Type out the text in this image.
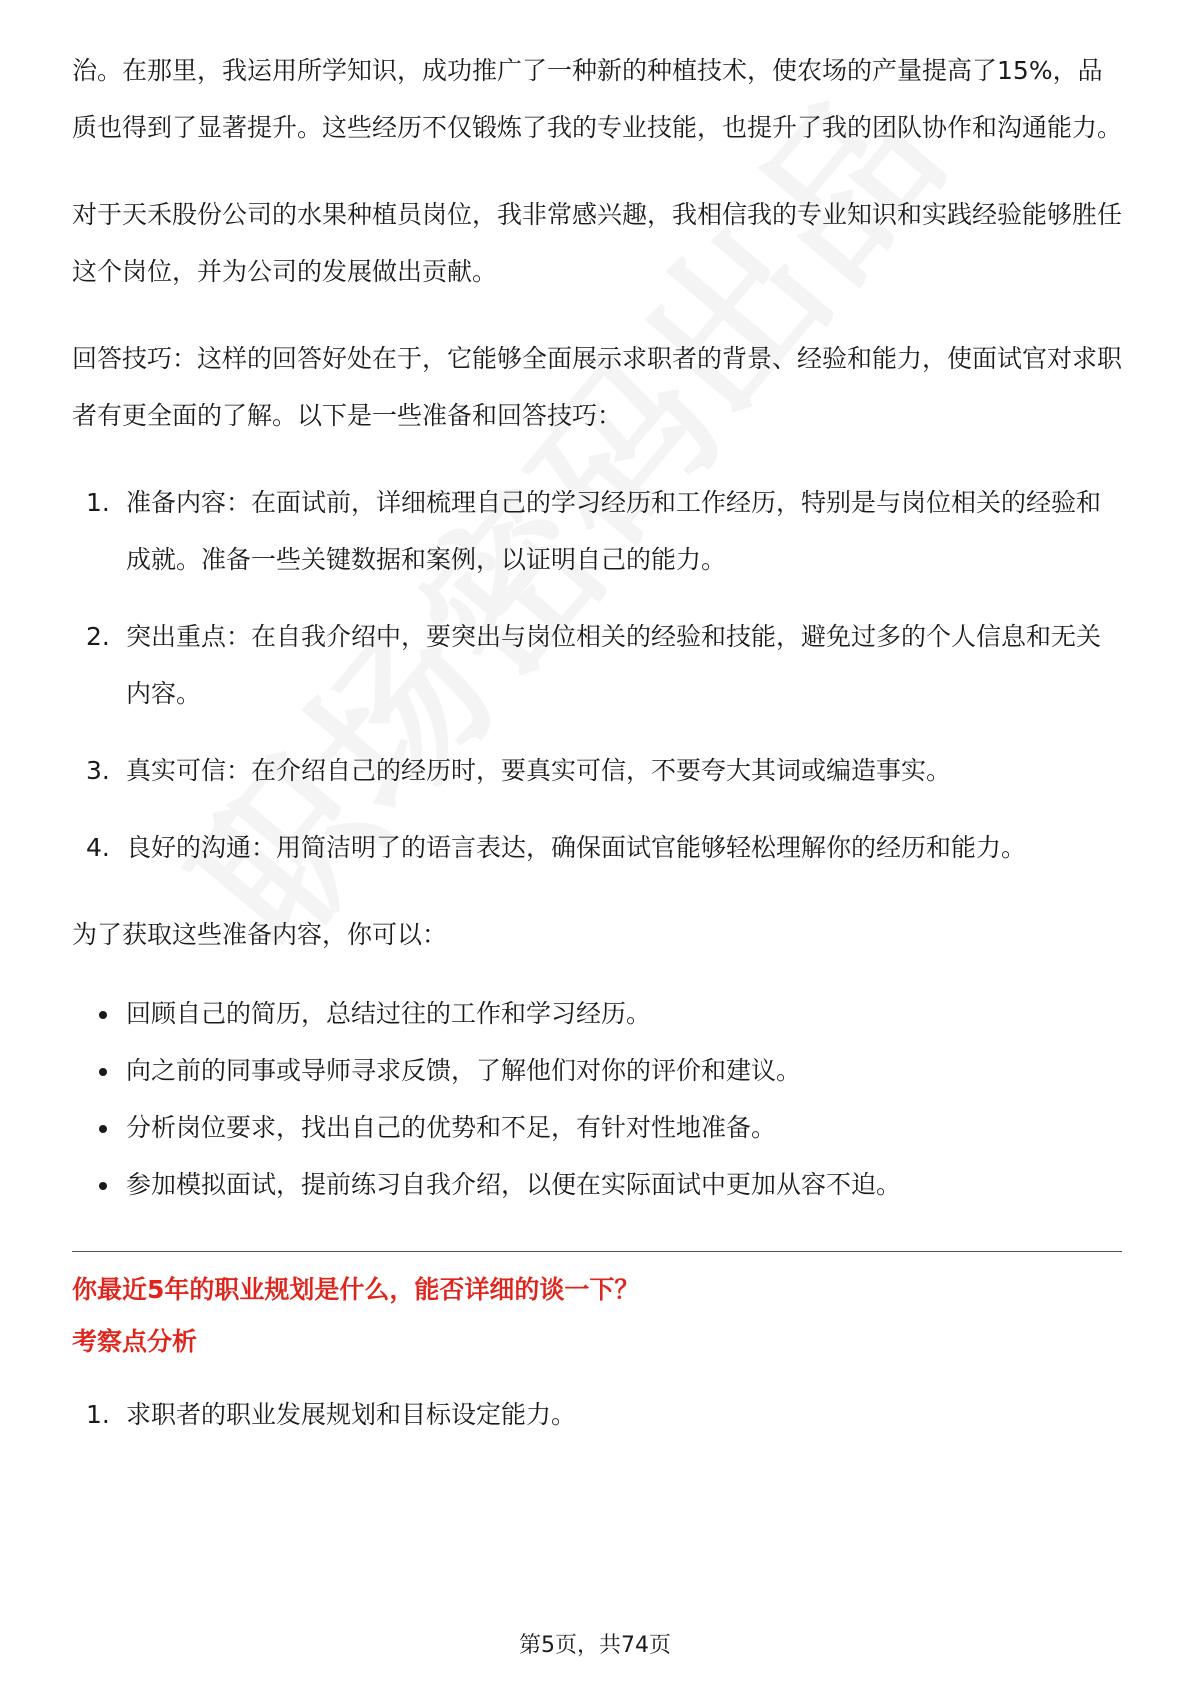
治。在那里，我运用所学知识，成功推广了一种新的种植技术，使农场的产量提高了15%，品质也得到了显著提升。这些经历不仅锻炼了我的专业技能，也提升了我的团队协作和沟通能力。

对于天禾股份公司的水果种植员岗位，我非常感兴趣，我相信我的专业知识和实践经验能够胜任这个岗位，并为公司的发展做出贡献。

回答技巧：这样的回答好处在于，它能够全面展示求职者的背景、经验和能力，使面试官对求职者有更全面的了解。以下是一些准备和回答技巧：

1. 准备内容：在面试前，详细梳理自己的学习经历和工作经历，特别是与岗位相关的经验和成就。准备一些关键数据和案例，以证明自己的能力。
2. 突出重点：在自我介绍中，要突出与岗位相关的经验和技能，避免过多的个人信息和无关内容。
3. 真实可信：在介绍自己的经历时，要真实可信，不要夸大其词或编造事实。
4. 良好的沟通：用简洁明了的语言表达，确保面试官能够轻松理解你的经历和能力。

为了获取这些准备内容，你可以：

回顾自己的简历，总结过往的工作和学习经历。
向之前的同事或导师寻求反馈，了解他们对你的评价和建议。
分析岗位要求，找出自己的优势和不足，有针对性地准备。
参加模拟面试，提前练习自我介绍，以便在实际面试中更加从容不迫。

你最近5年的职业规划是什么，能否详细的谈一下？

考察点分析

1. 求职者的职业发展规划和目标设定能力。
第5页，共74页
